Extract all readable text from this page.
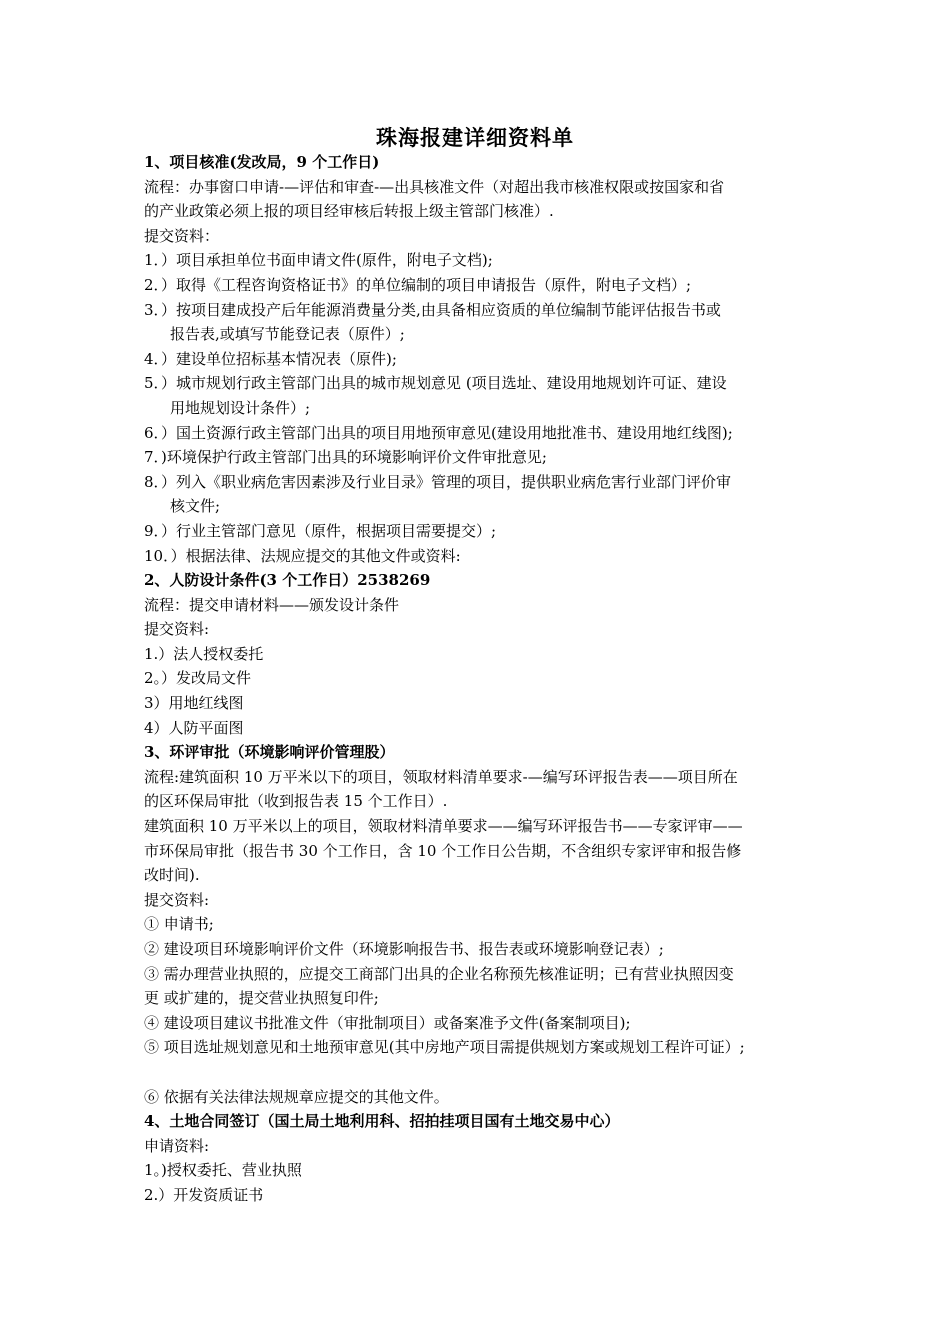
珠海报建详细资料单
1、项目核准(发改局，9 个工作日)
流程：办事窗口申请-—评估和审查-—出具核准文件（对超出我市核准权限或按国家和省
的产业政策必须上报的项目经审核后转报上级主管部门核准）.
提交资料：
1．）项目承担单位书面申请文件(原件，附电子文档);
2．）取得《工程咨询资格证书》的单位编制的项目申请报告（原件，附电子文档）;
3．）按项目建成投产后年能源消费量分类,由具备相应资质的单位编制节能评估报告书或
报告表,或填写节能登记表（原件）;
4．）建设单位招标基本情况表（原件);
5．）城市规划行政主管部门出具的城市规划意见 (项目选址、建设用地规划许可证、建设
用地规划设计条件）;
6．）国土资源行政主管部门出具的项目用地预审意见(建设用地批准书、建设用地红线图);
7．)环境保护行政主管部门出具的环境影响评价文件审批意见;
8．）列入《职业病危害因素涉及行业目录》管理的项目，提供职业病危害行业部门评价审
核文件;
9．）行业主管部门意见（原件，根据项目需要提交）;
10．）根据法律、法规应提交的其他文件或资料:
2、人防设计条件(3 个工作日）2538269
流程：提交申请材料——颁发设计条件
提交资料:
1.）法人授权委托
2。）发改局文件
3）用地红线图
4）人防平面图
3、环评审批（环境影响评价管理股）
流程:建筑面积 10 万平米以下的项目，领取材料清单要求-—编写环评报告表——项目所在
的区环保局审批（收到报告表 15 个工作日）.
建筑面积 10 万平米以上的项目，领取材料清单要求——编写环评报告书——专家评审——
市环保局审批（报告书 30 个工作日，含 10 个工作日公告期，不含组织专家评审和报告修
改时间).
提交资料:
① 申请书;
② 建设项目环境影响评价文件（环境影响报告书、报告表或环境影响登记表）;
③ 需办理营业执照的，应提交工商部门出具的企业名称预先核准证明；已有营业执照因变
更 或扩建的，提交营业执照复印件;
④ 建设项目建议书批准文件（审批制项目）或备案准予文件(备案制项目);
⑤ 项目选址规划意见和土地预审意见(其中房地产项目需提供规划方案或规划工程许可证）;
⑥ 依据有关法律法规规章应提交的其他文件。
4、土地合同签订（国土局土地利用科、招拍挂项目国有土地交易中心）
申请资料:
1。)授权委托、营业执照
2.）开发资质证书
